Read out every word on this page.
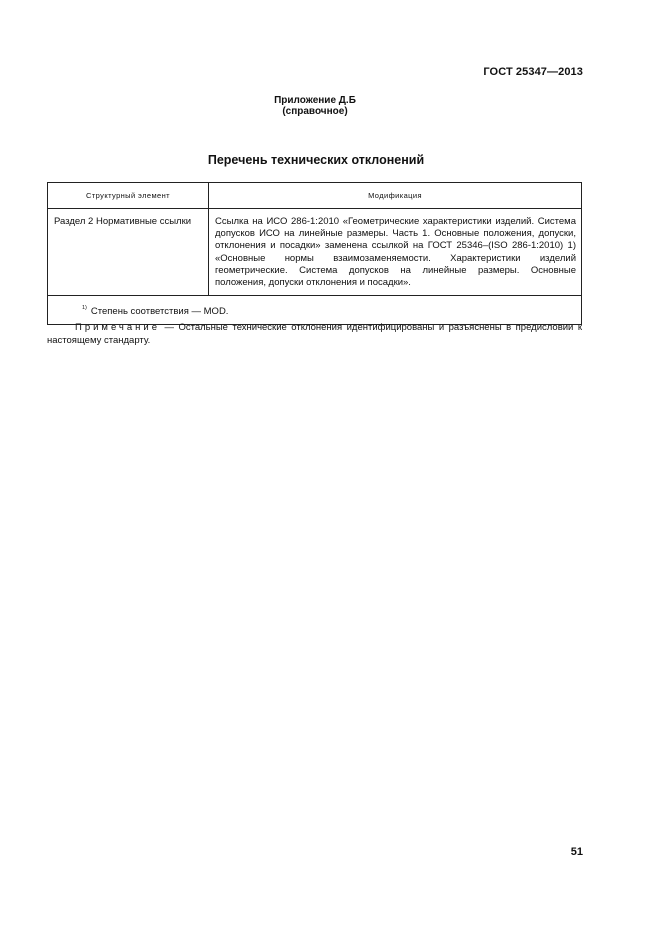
ГОСТ 25347—2013
Приложение Д.Б
(справочное)
Перечень технических отклонений
Структурный элемент	Модификация
Раздел 2 Нормативные ссылки	Ссылка на ИСО 286-1:2010 «Геометрические характеристики изделий. Система допусков ИСО на линейные размеры. Часть 1. Основные положения, допуски, отклонения и посадки» заменена ссылкой на ГОСТ 25346–(ISO 286-1:2010) 1) «Основные нормы взаимозаменяемости. Характеристики изделий геометрические. Система допусков на линейные размеры. Основные положения, допуски отклонения и посадки».
$^{1)}$ Степень соответствия — MOD.	
Примечание — Остальные технические отклонения идентифицированы и разъяснены в предисловии к настоящему стандарту.
51
